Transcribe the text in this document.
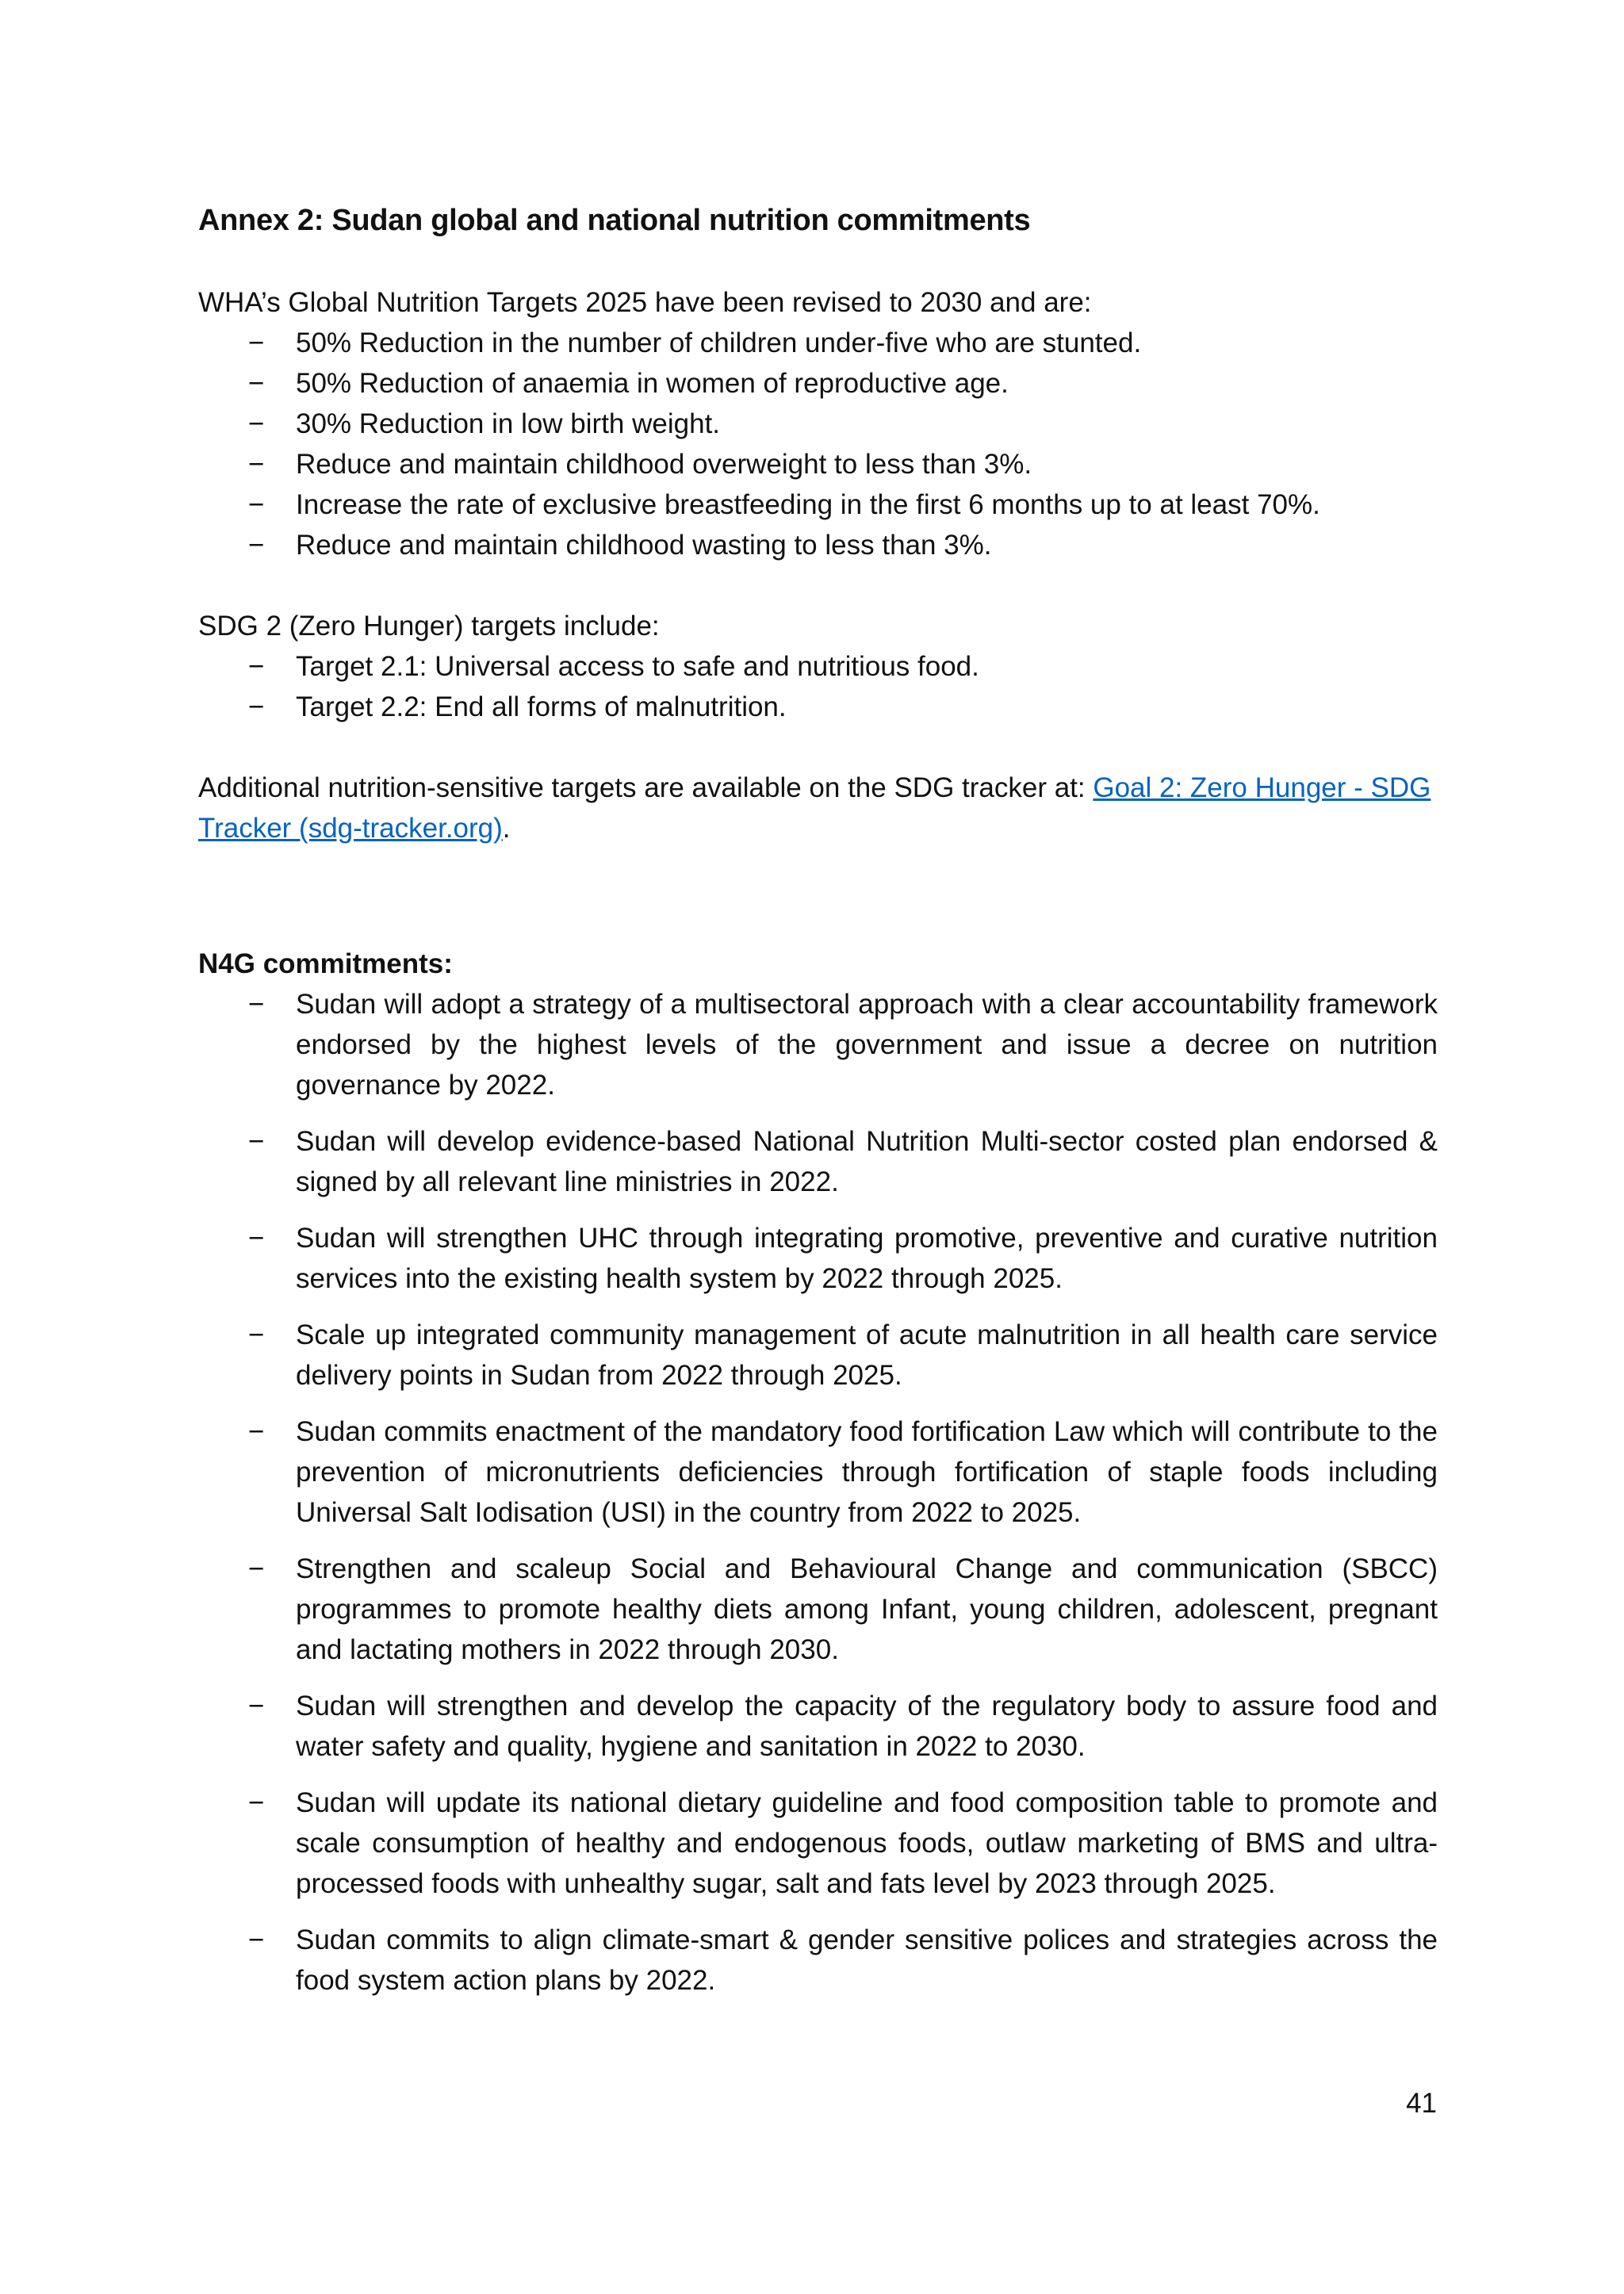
Annex 2: Sudan global and national nutrition commitments

WHA’s Global Nutrition Targets 2025 have been revised to 2030 and are:

− 50% Reduction in the number of children under-five who are stunted.
− 50% Reduction of anaemia in women of reproductive age.
− 30% Reduction in low birth weight.
− Reduce and maintain childhood overweight to less than 3%.
− Increase the rate of exclusive breastfeeding in the first 6 months up to at least 70%.
− Reduce and maintain childhood wasting to less than 3%.

SDG 2 (Zero Hunger) targets include:

− Target 2.1: Universal access to safe and nutritious food.
− Target 2.2: End all forms of malnutrition.

Additional nutrition-sensitive targets are available on the SDG tracker at: Goal 2: Zero Hunger - SDG Tracker (sdg-tracker.org).

N4G commitments:

− Sudan will adopt a strategy of a multisectoral approach with a clear accountability framework endorsed by the highest levels of the government and issue a decree on nutrition governance by 2022.
− Sudan will develop evidence-based National Nutrition Multi-sector costed plan endorsed & signed by all relevant line ministries in 2022.
− Sudan will strengthen UHC through integrating promotive, preventive and curative nutrition services into the existing health system by 2022 through 2025.
− Scale up integrated community management of acute malnutrition in all health care service delivery points in Sudan from 2022 through 2025.
− Sudan commits enactment of the mandatory food fortification Law which will contribute to the prevention of micronutrients deficiencies through fortification of staple foods including Universal Salt Iodisation (USI) in the country from 2022 to 2025.
− Strengthen and scaleup Social and Behavioural Change and communication (SBCC) programmes to promote healthy diets among Infant, young children, adolescent, pregnant and lactating mothers in 2022 through 2030.
− Sudan will strengthen and develop the capacity of the regulatory body to assure food and water safety and quality, hygiene and sanitation in 2022 to 2030.
− Sudan will update its national dietary guideline and food composition table to promote and scale consumption of healthy and endogenous foods, outlaw marketing of BMS and ultra-processed foods with unhealthy sugar, salt and fats level by 2023 through 2025.
− Sudan commits to align climate-smart & gender sensitive polices and strategies across the food system action plans by 2022.
41
